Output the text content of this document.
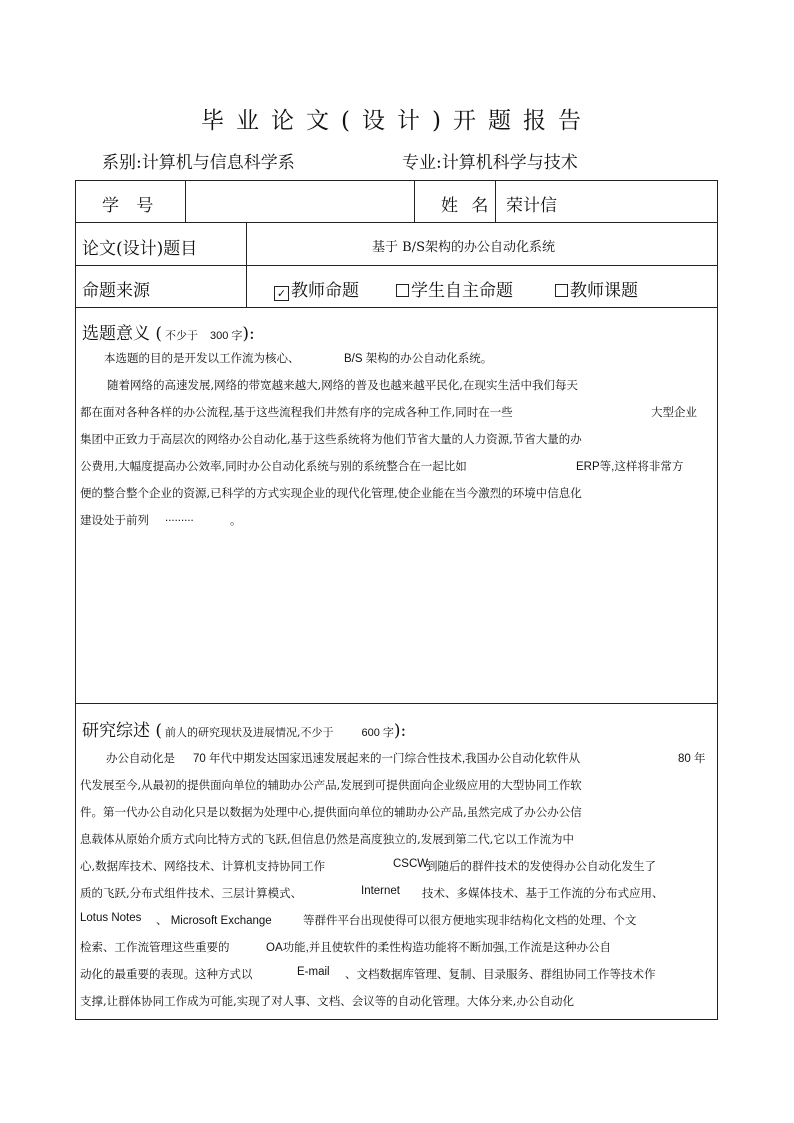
毕业论文(设计)开题报告
系别:计算机与信息科学系	专业:计算机科学与技术
学 号	姓 名 荣计信
论文(设计)题目	基于 B/S架构的办公自动化系统
命题来源	✓ 教师命题	学生自主命题	教师课题
选题意义 ( 不少于 300 字):
本选题的目的是开发以工作流为核心、	B/S 架构的办公自动化系统。
随着网络的高速发展,网络的带宽越来越大,网络的普及也越来越平民化,在现实生活中我们每天
都在面对各种各样的办公流程,基于这些流程我们井然有序的完成各种工作,同时在一些	大型企业
集团中正致力于高层次的网络办公自动化,基于这些系统将为他们节省大量的人力资源,节省大量的办
公费用,大幅度提高办公效率,同时办公自动化系统与别的系统整合在一起比如	ERP等,这样将非常方
便的整合整个企业的资源,已科学的方式实现企业的现代化管理,使企业能在当今激烈的环境中信息化
建设处于前列 .........	。
研究综述 ( 前人的研究现状及进展情况,不少于	600 字):
办公自动化是 70 年代中期发达国家迅速发展起来的一门综合性技术,我国办公自动化软件从	80 年
代发展至今,从最初的提供面向单位的辅助办公产品,发展到可提供面向企业级应用的大型协同工作软
件。第一代办公自动化只是以数据为处理中心,提供面向单位的辅助办公产品,虽然完成了办公办公信
息载体从原始介质方式向比特方式的飞跃,但信息仍然是高度独立的,发展到第二代,它以工作流为中
心,数据库技术、网络技术、计算机支持协同工作	CSCW
到随后的群件技术的发使得办公自动化发生了
质的飞跃,分布式组件技术、三层计算模式、	Internet 技术、多媒体技术、基于工作流的分布式应用、
Lotus Notes 、 Microsoft Exchange	等群件平台出现使得可以很方便地实现非结构化文档的处理、个文
检索、工作流管理这些重要的	OA功能,并且使软件的柔性构造功能将不断加强,工作流是这种办公自
动化的最重要的表现。这种方式以	E-mail 、文档数据库管理、复制、目录服务、群组协同工作等技术作
支撑,让群体协同工作成为可能,实现了对人事、文档、会议等的自动化管理。大体分来,办公自动化
